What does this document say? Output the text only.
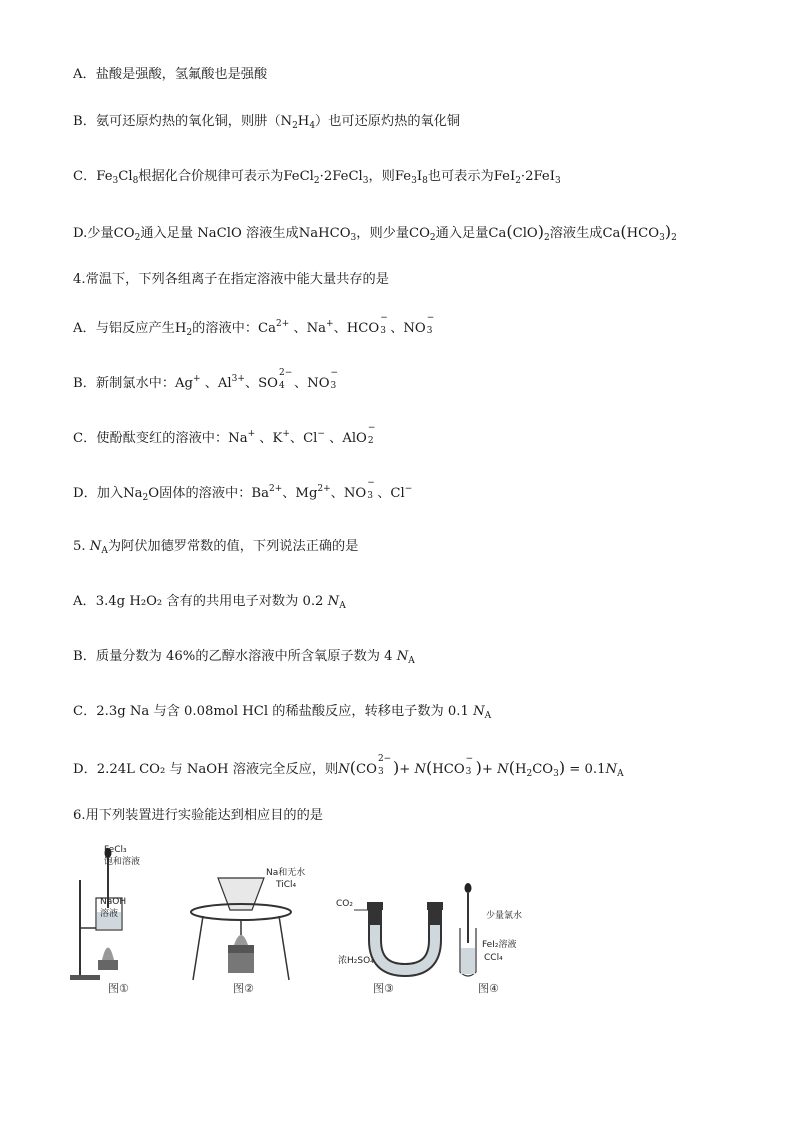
A．盐酸是强酸，氢氟酸也是强酸
B．氨可还原灼热的氧化铜，则肼$(N_2H_4)$也可还原灼热的氧化铜
C．$Fe_3Cl_8$根据化合价规律可表示为FeCl$_2$·2FeCl$_3$，则$Fe_3I_8$也可表示为FeI$_2$·2FeI$_3$
D.少量$CO_2$通入足量 NaClO 溶液生成NaHCO$_3$，则少量$CO_2$通入足量$Ca(ClO)_2$溶液生成$Ca(HCO_3)_2$
4.常温下，下列各组离子在指定溶液中能大量共存的是
A．与铝反应产生$H_2$的溶液中：$Ca^{2+}$ 、Na+、HCO
−
3 、NO
−
3
B．新制氯水中：Ag+ 、$Al^{3+}$、SO
2−
4 、NO
−
3
C．使酚酞变红的溶液中：Na+ 、K+、Cl− 、AlO
−
2
D．加入$Na_2O$固体的溶液中：$Ba^{2+}$、$Mg^{2+}$、NO
−
3 、Cl−
5. $N_A$为阿伏加德罗常数的值，下列说法正确的是
A．3.4g H₂O₂ 含有的共用电子对数为 0.2 $N_A$
B．质量分数为 46%的乙醇水溶液中所含氧原子数为 4 $N_A$
C．2.3g Na 与含 0.08mol HCl 的稀盐酸反应，转移电子数为 0.1 $N_A$
D．2.24L CO₂ 与 NaOH 溶液完全反应，则N(CO
2−
3 )+ N(HCO
−
3 )+ $N(H_2CO_3) = 0.1N_A$
6.用下列装置进行实验能达到相应目的的是
FeCl₃
饱和溶液
NaOH
溶液
图①
Na和无水
TiCl₄
图②
CO₂
浓H₂SO₄
图③
少量氯水
FeI₂溶液
CCl₄
图④
